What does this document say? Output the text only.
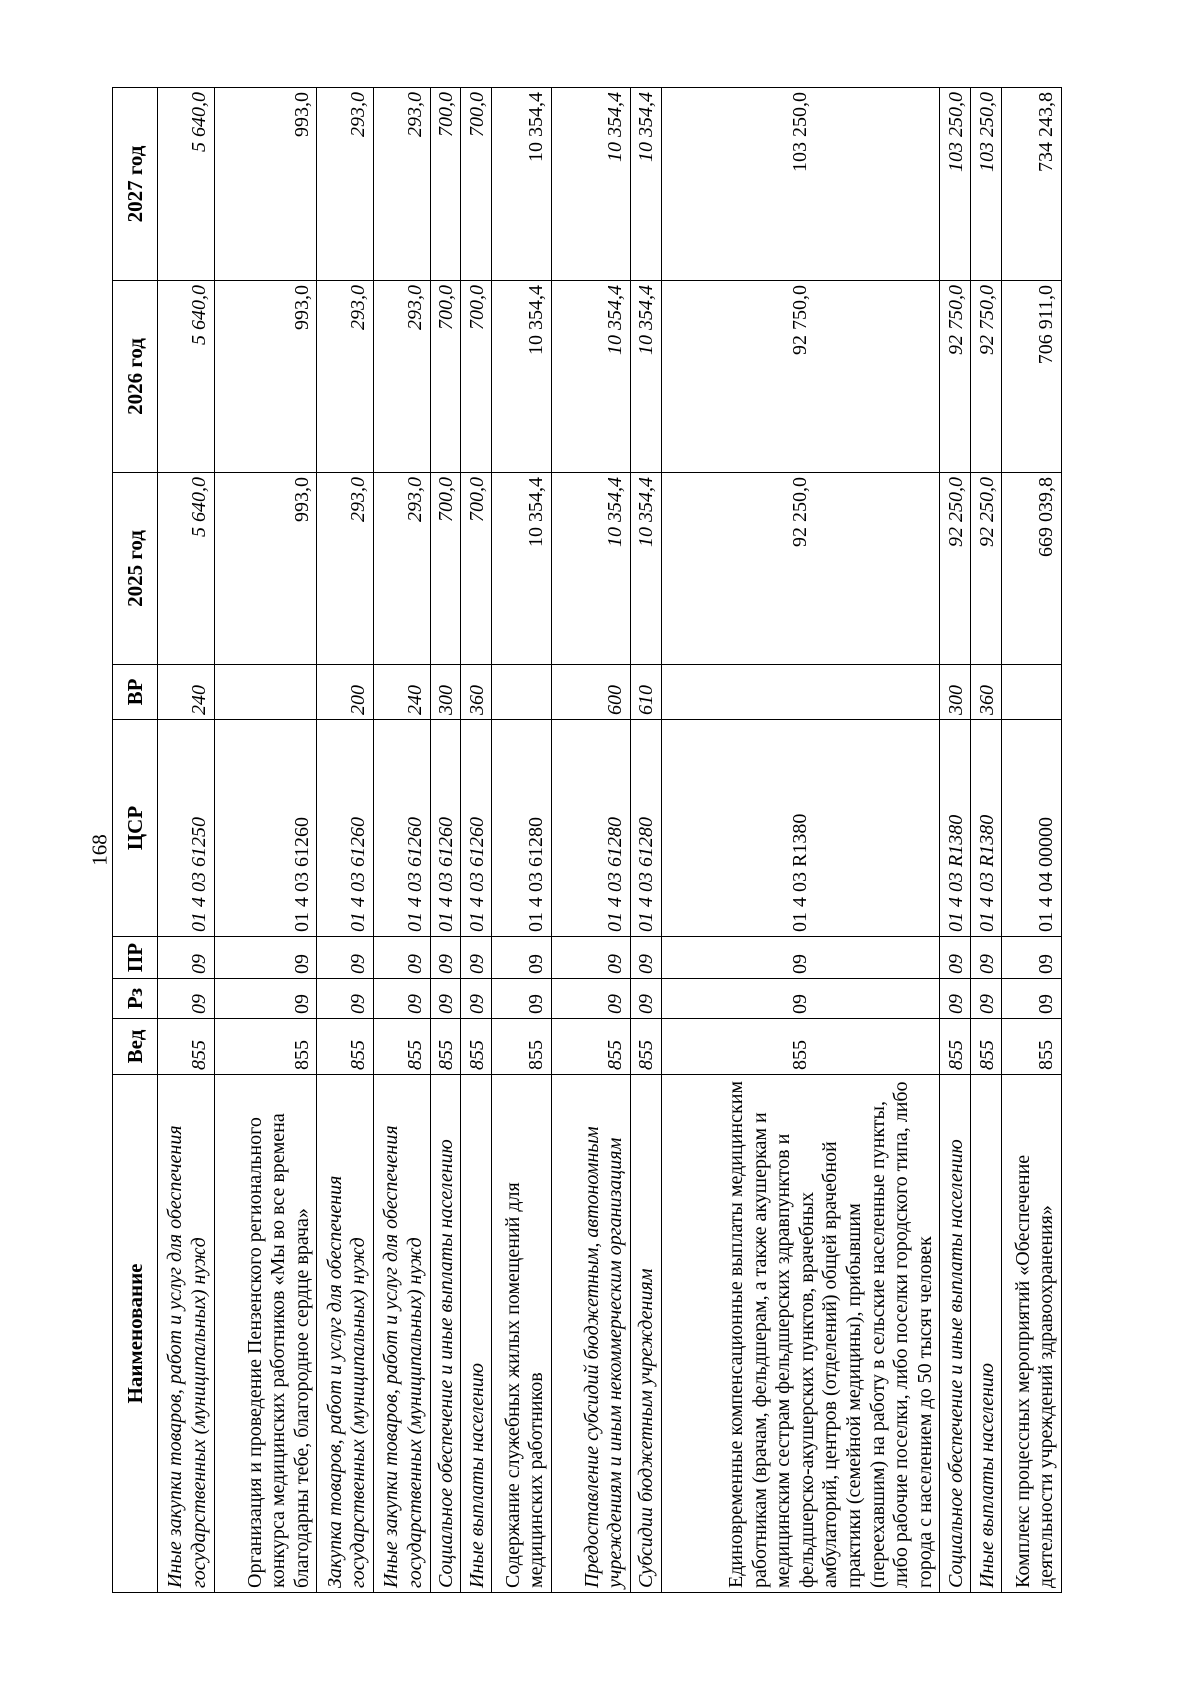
168
Наименование	Вед	Рз	ПР	ЦСР	ВР	2025 год	2026 год	2027 год
Иные закупки товаров, работ и услуг для обеспечения государственных (муниципальных) нужд	855	09	09	01 4 03 61250	240	5 640,0	5 640,0	5 640,0
Организация и проведение Пензенского регионального конкурса медицинских работников «Мы во все времена благодарны тебе, благородное сердце врача»	855	09	09	01 4 03 61260		993,0	993,0	993,0
Закупка товаров, работ и услуг для обеспечения государственных (муниципальных) нужд	855	09	09	01 4 03 61260	200	293,0	293,0	293,0
Иные закупки товаров, работ и услуг для обеспечения государственных (муниципальных) нужд	855	09	09	01 4 03 61260	240	293,0	293,0	293,0
Социальное обеспечение и иные выплаты населению	855	09	09	01 4 03 61260	300	700,0	700,0	700,0
Иные выплаты населению	855	09	09	01 4 03 61260	360	700,0	700,0	700,0
Содержание служебных жилых помещений для медицинских работников	855	09	09	01 4 03 61280		10 354,4	10 354,4	10 354,4
Предоставление субсидий бюджетным, автономным учреждениям и иным некоммерческим организациям	855	09	09	01 4 03 61280	600	10 354,4	10 354,4	10 354,4
Субсидии бюджетным учреждениям	855	09	09	01 4 03 61280	610	10 354,4	10 354,4	10 354,4
Единовременные компенсационные выплаты медицинским работникам (врачам, фельдшерам, а также акушеркам и медицинским сестрам фельдшерских здравпунктов и фельдшерско-акушерских пунктов, врачебных амбулаторий, центров (отделений) общей врачебной практики (семейной медицины), прибывшим (переехавшим) на работу в сельские населенные пункты, либо рабочие поселки, либо поселки городского типа, либо города с населением до 50 тысяч человек	855	09	09	01 4 03 R1380		92 250,0	92 750,0	103 250,0
Социальное обеспечение и иные выплаты населению	855	09	09	01 4 03 R1380	300	92 250,0	92 750,0	103 250,0
Иные выплаты населению	855	09	09	01 4 03 R1380	360	92 250,0	92 750,0	103 250,0
Комплекс процессных мероприятий «Обеспечение деятельности учреждений здравоохранения»	855	09	09	01 4 04 00000		669 039,8	706 911,0	734 243,8
